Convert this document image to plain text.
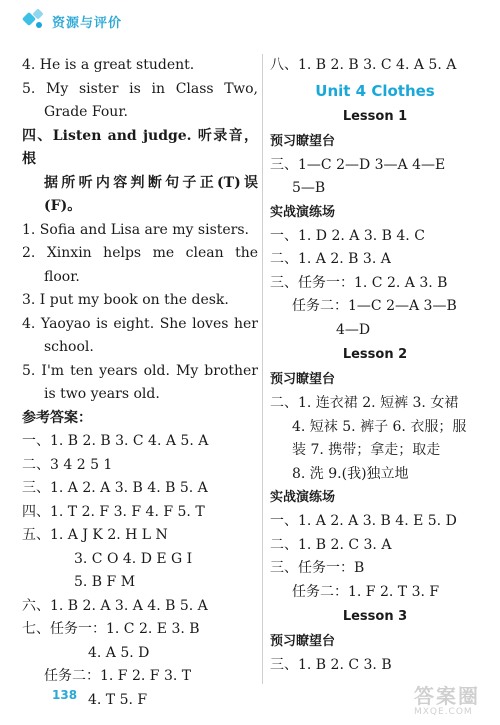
资源与评价
4. He is a great student.
5. My sister is in Class Two,
Grade Four.
四、Listen and judge. 听录音，根
据所听内容判断句子正(T)误
(F)。
1. Sofia and Lisa are my sisters.
2. Xinxin helps me clean the
floor.
3. I put my book on the desk.
4. Yaoyao is eight. She loves her
school.
5. I'm ten years old. My brother
is two years old.
参考答案：
一、1. B 2. B 3. C 4. A 5. A
二、3 4 2 5 1
三、1. A 2. A 3. B 4. B 5. A
四、1. T 2. F 3. F 4. F 5. T
五、1. A J K 2. H L N
3. C O 4. D E G I
5. B F M
六、1. B 2. A 3. A 4. B 5. A
七、任务一：1. C 2. E 3. B
4. A 5. D
任务二：1. F 2. F 3. T
4. T 5. F
八、1. B 2. B 3. C 4. A 5. A
Unit 4 Clothes
Lesson 1
预习瞭望台
三、1—C 2—D 3—A 4—E
5—B
实战演练场
一、1. D 2. A 3. B 4. C
二、1. A 2. B 3. A
三、任务一：1. C 2. A 3. B
任务二：1—C 2—A 3—B
4—D
Lesson 2
预习瞭望台
二、1. 连衣裙 2. 短裤 3. 女裙
4. 短袜 5. 裤子 6. 衣服；服
装 7. 携带；拿走；取走
8. 洗 9.(我)独立地
实战演练场
一、1. A 2. A 3. B 4. E 5. D
二、1. B 2. C 3. A
三、任务一：B
任务二：1. F 2. T 3. F
Lesson 3
预习瞭望台
三、1. B 2. C 3. B
138	答案圈
MXQE.COM
